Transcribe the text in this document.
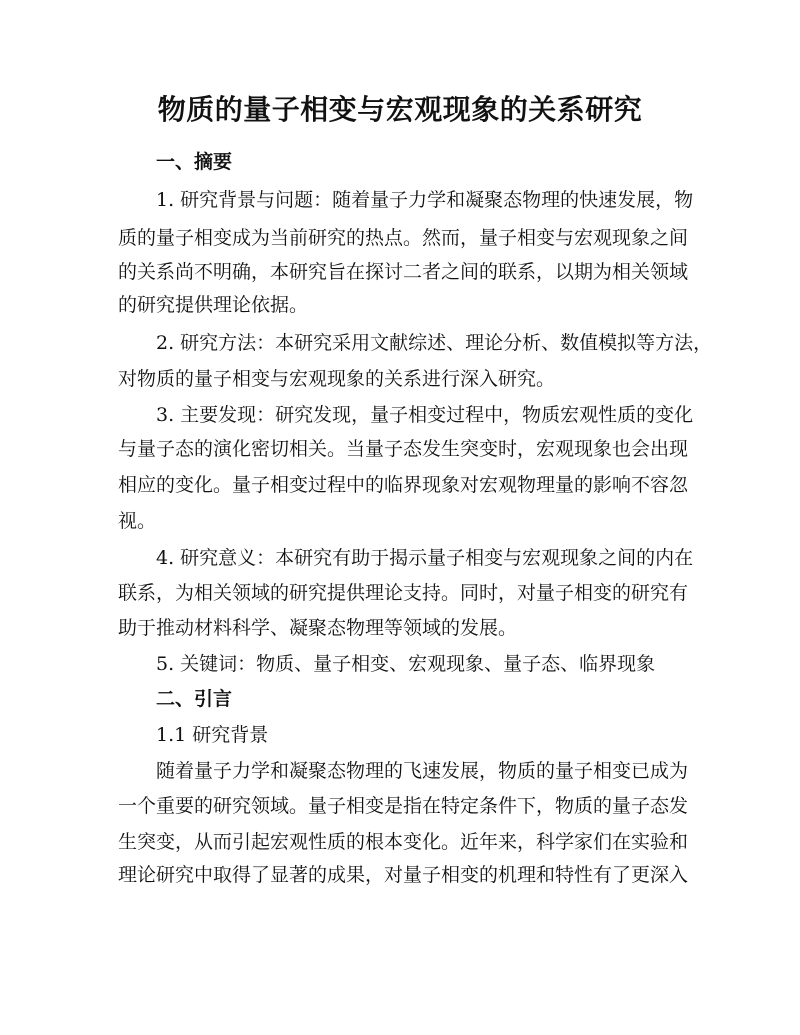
物质的量子相变与宏观现象的关系研究
一、摘要
1. 研究背景与问题：随着量子力学和凝聚态物理的快速发展，物
质的量子相变成为当前研究的热点。然而，量子相变与宏观现象之间
的关系尚不明确，本研究旨在探讨二者之间的联系，以期为相关领域
的研究提供理论依据。
2. 研究方法：本研究采用文献综述、理论分析、数值模拟等方法，
对物质的量子相变与宏观现象的关系进行深入研究。
3. 主要发现：研究发现，量子相变过程中，物质宏观性质的变化
与量子态的演化密切相关。当量子态发生突变时，宏观现象也会出现
相应的变化。量子相变过程中的临界现象对宏观物理量的影响不容忽
视。
4. 研究意义：本研究有助于揭示量子相变与宏观现象之间的内在
联系，为相关领域的研究提供理论支持。同时，对量子相变的研究有
助于推动材料科学、凝聚态物理等领域的发展。
5. 关键词：物质、量子相变、宏观现象、量子态、临界现象
二、引言
1.1 研究背景
随着量子力学和凝聚态物理的飞速发展，物质的量子相变已成为
一个重要的研究领域。量子相变是指在特定条件下，物质的量子态发
生突变，从而引起宏观性质的根本变化。近年来，科学家们在实验和
理论研究中取得了显著的成果，对量子相变的机理和特性有了更深入
